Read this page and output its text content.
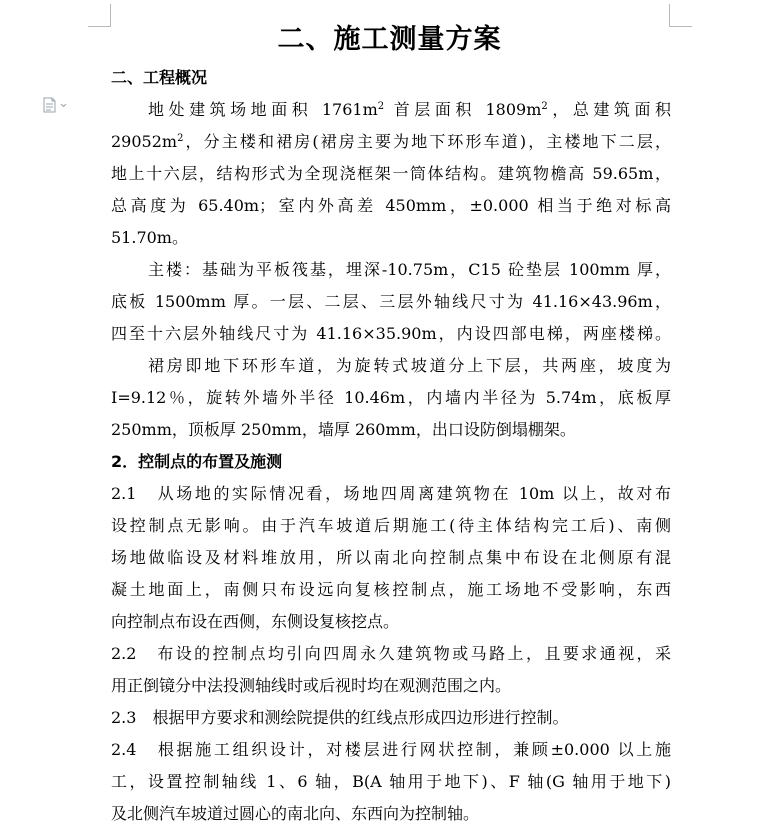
二、施工测量方案
二、工程概况
地处建筑场地面积 $1761m^2$ 首层面积 $1809m^2$，总建筑面积
$29052m^2$，分主楼和裙房(裙房主要为地下环形车道)，主楼地下二层，
地上十六层，结构形式为全现浇框架一筒体结构。建筑物檐高 59.65m，
总高度为 65.40m；室内外高差 450mm，±0.000 相当于绝对标高
51.70m。
主楼：基础为平板筏基，埋深-10.75m，C15 砼垫层 100mm 厚，
底板 1500mm 厚。一层、二层、三层外轴线尺寸为 41.16×43.96m，
四至十六层外轴线尺寸为 41.16×35.90m，内设四部电梯，两座楼梯。
裙房即地下环形车道，为旋转式坡道分上下层，共两座，坡度为
I=9.12％，旋转外墙外半径 10.46m，内墙内半径为 5.74m，底板厚
250mm，顶板厚 250mm，墙厚 260mm，出口设防倒塌棚架。
2．控制点的布置及施测
2.1　从场地的实际情况看，场地四周离建筑物在 10m 以上，故对布
设控制点无影响。由于汽车坡道后期施工(待主体结构完工后)、南侧
场地做临设及材料堆放用，所以南北向控制点集中布设在北侧原有混
凝土地面上，南侧只布设远向复核控制点，施工场地不受影响，东西
向控制点布设在西侧，东侧设复核挖点。
2.2　布设的控制点均引向四周永久建筑物或马路上，且要求通视，采
用正倒镜分中法投测轴线时或后视时均在观测范围之内。
2.3　根据甲方要求和测绘院提供的红线点形成四边形进行控制。
2.4　根据施工组织设计，对楼层进行网状控制，兼顾±0.000 以上施
工，设置控制轴线 1、6 轴，B(A 轴用于地下)、F 轴(G 轴用于地下)
及北侧汽车坡道过圆心的南北向、东西向为控制轴。
